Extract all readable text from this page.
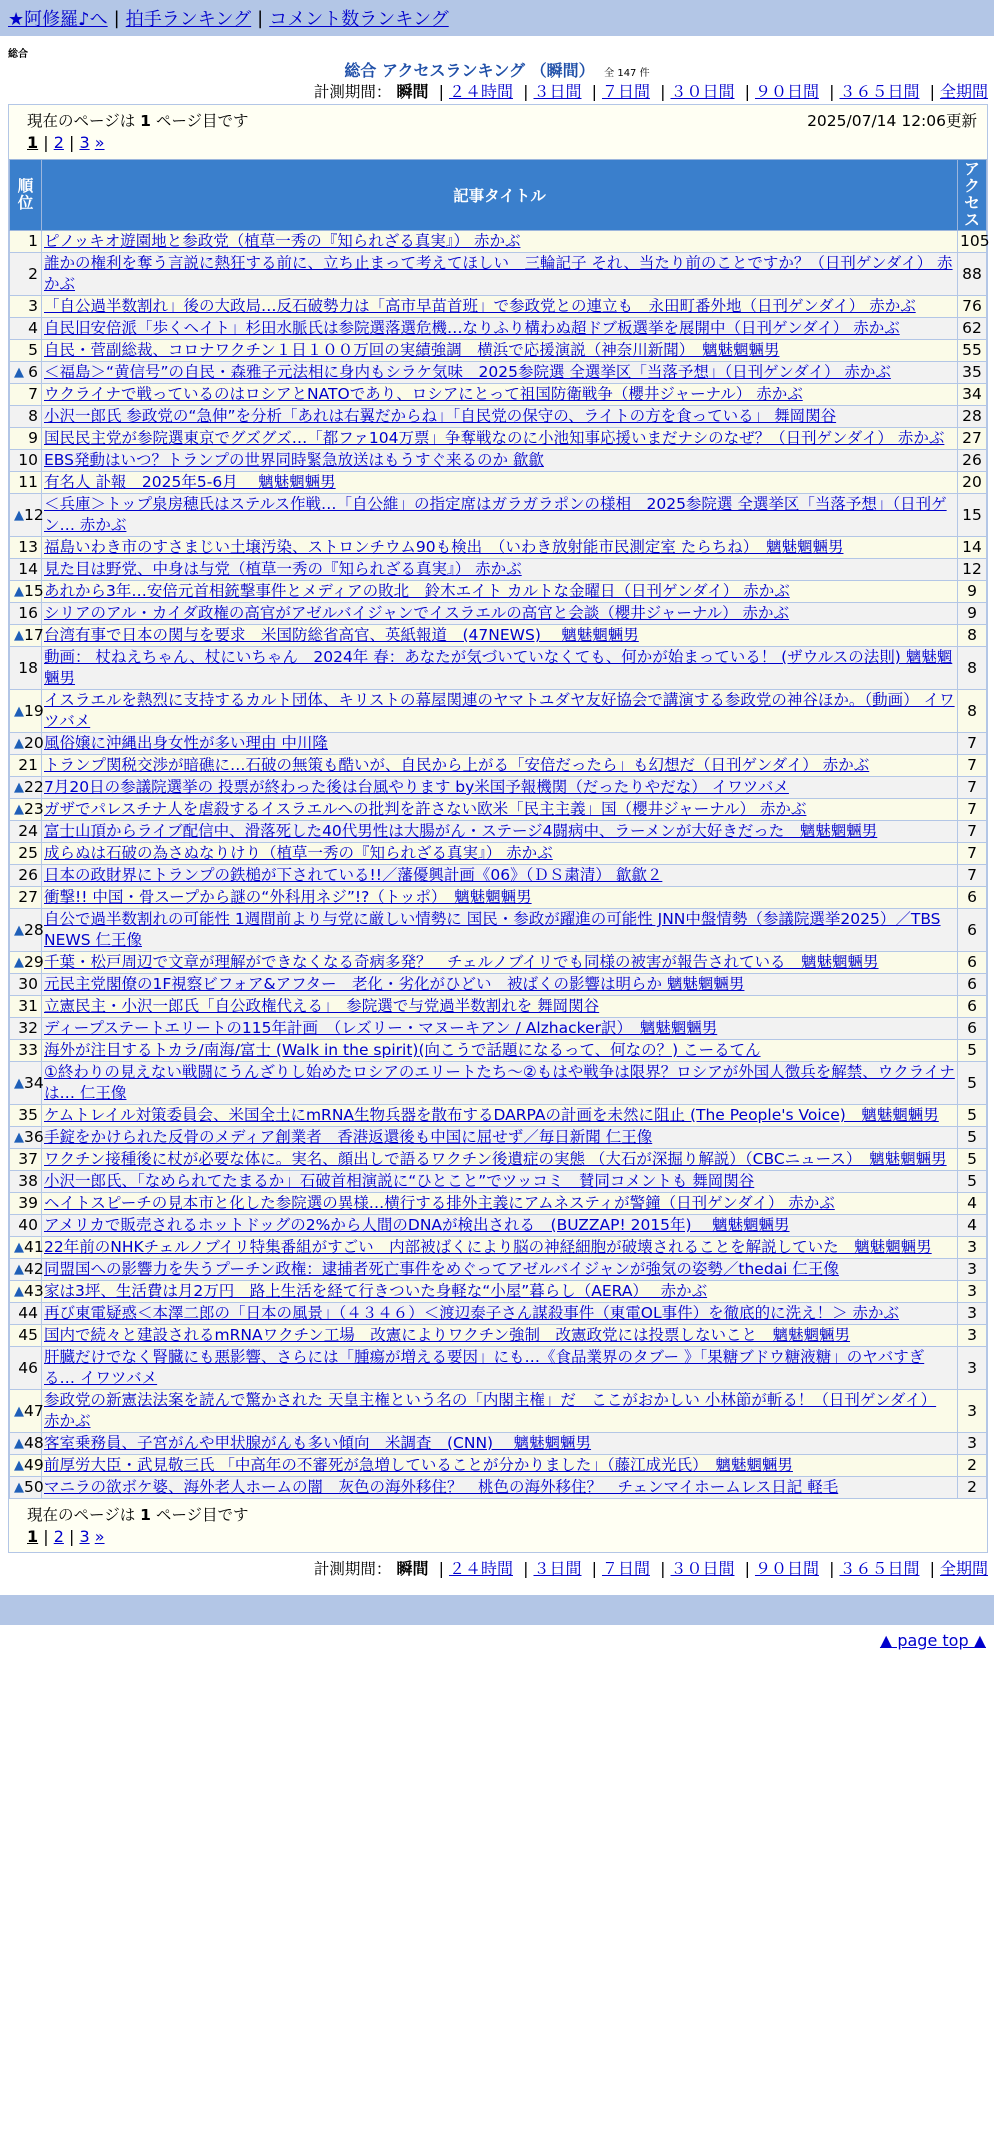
★阿修羅♪へ | 拍手ランキング | コメント数ランキング
総合
総合 アクセスランキング （瞬間） 全 147 件
計測期間： 瞬間 | ２４時間 | ３日間 | ７日間 | ３０日間 | ９０日間 | ３６５日間 | 全期間
現在のページは 1 ページ目です	2025/07/14 12:06更新
1 | 2 | 3 »
順位	記事タイトル	アクセス
1	ピノッキオ遊園地と参政党（植草一秀の『知られざる真実』） 赤かぶ	105
2	誰かの権利を奪う言説に熱狂する前に、立ち止まって考えてほしい　三輪記子 それ、当たり前のことですか？（日刊ゲンダイ） 赤かぶ	88
3	「自公過半数割れ」後の大政局…反石破勢力は「高市早苗首班」で参政党との連立も　永田町番外地（日刊ゲンダイ） 赤かぶ	76
4	自民旧安倍派「歩くヘイト」杉田水脈氏は参院選落選危機…なりふり構わぬ超ドブ板選挙を展開中（日刊ゲンダイ） 赤かぶ	62
5	自民・菅副総裁、コロナワクチン１日１００万回の実績強調　横浜で応援演説（神奈川新聞）　魑魅魍魎男	55

▲ 6	＜福島＞“黄信号”の自民・森雅子元法相に身内もシラケ気味　2025参院選 全選挙区「当落予想」（日刊ゲンダイ） 赤かぶ	35
7	ウクライナで戦っているのはロシアとNATOであり、ロシアにとって祖国防衛戦争（櫻井ジャーナル） 赤かぶ	34
8	小沢一郎氏 参政党の“急伸”を分析「あれは右翼だからね」「自民党の保守の、ライトの方を食っている」 舞岡関谷	28
9	国民民主党が参院選東京でグズグズ…「都ファ104万票」争奪戦なのに小池知事応援いまだナシのなぜ？（日刊ゲンダイ） 赤かぶ	27
10	EBS発動はいつ？トランプの世界同時緊急放送はもうすぐ来るのか 歙歙	26
11	有名人 訃報　2025年5-6月　 魑魅魍魎男	20

▲ 12	＜兵庫＞トップ泉房穂氏はステルス作戦…「自公維」の指定席はガラガラポンの様相　2025参院選 全選挙区「当落予想」（日刊ゲン… 赤かぶ	15
13	福島いわき市のすさまじい土壌汚染、ストロンチウム90も検出　（いわき放射能市民測定室 たらちね）　魑魅魍魎男	14
14	見た目は野党、中身は与党（植草一秀の『知られざる真実』） 赤かぶ	12

▲ 15	あれから3年…安倍元首相銃撃事件とメディアの敗北　鈴木エイト カルトな金曜日（日刊ゲンダイ） 赤かぶ	9
16	シリアのアル・カイダ政権の高官がアゼルバイジャンでイスラエルの高官と会談（櫻井ジャーナル） 赤かぶ	9

▲ 17	台湾有事で日本の関与を要求　米国防総省高官、英紙報道　(47NEWS)　 魑魅魍魎男	8
18	動画： 杖ねえちゃん、杖にいちゃん　2024年 春：あなたが気づいていなくても、何かが始まっている！ (ザウルスの法則) 魑魅魍魎男	8

▲ 19	イスラエルを熱烈に支持するカルト団体、キリストの幕屋関連のヤマトユダヤ友好協会で講演する参政党の神谷ほか。（動画） イワツバメ	8

▲ 20	風俗嬢に沖縄出身女性が多い理由 中川隆	7
21	トランプ関税交渉が暗礁に…石破の無策も酷いが、自民から上がる「安倍だったら」も幻想だ（日刊ゲンダイ） 赤かぶ	7

▲ 22	7月20日の参議院選挙の 投票が終わった後は台風やります by米国予報機関（だったりやだな） イワツバメ	7

▲ 23	ガザでパレスチナ人を虐殺するイスラエルへの批判を許さない欧米「民主主義」国（櫻井ジャーナル） 赤かぶ	7
24	富士山頂からライブ配信中、滑落死した40代男性は大腸がん・ステージ4闘病中、ラーメンが大好きだった　魑魅魍魎男	7
25	成らぬは石破の為さぬなりけり（植草一秀の『知られざる真実』） 赤かぶ	7
26	日本の政財界にトランプの鉄槌が下されている!!／藩優興計画《06》（ＤＳ粛清） 歙歙２	7
27	衝撃!! 中国・骨スープから謎の“外科用ネジ”!?（トッポ）　魑魅魍魎男	6

▲ 28	自公で過半数割れの可能性 1週間前より与党に厳しい情勢に 国民・参政が躍進の可能性 JNN中盤情勢（参議院選挙2025）／TBS NEWS 仁王像	6

▲ 29	千葉・松戸周辺で文章が理解ができなくなる奇病多発？　チェルノブイリでも同様の被害が報告されている　魑魅魍魎男	6
30	元民主党閣僚の1F視察ビフォア&アフター　老化・劣化がひどい　被ばくの影響は明らか 魑魅魍魎男	6
31	立憲民主・小沢一郎氏「自公政権代える」　参院選で与党過半数割れを 舞岡関谷	6
32	ディープステートエリートの115年計画　（レズリー・マヌーキアン / Alzhacker訳）　魑魅魍魎男	6
33	海外が注目するトカラ/南海/富士 (Walk in the spirit)(向こうで話題になるって、何なの？) こーるてん	5

▲ 34	①終わりの見えない戦闘にうんざりし始めたロシアのエリートたち～②もはや戦争は限界？ロシアが外国人徴兵を解禁、ウクライナは… 仁王像	5
35	ケムトレイル対策委員会、米国全土にmRNA生物兵器を散布するDARPAの計画を未然に阻止 (The People's Voice)　魑魅魍魎男	5

▲ 36	手錠をかけられた反骨のメディア創業者　香港返還後も中国に屈せず／毎日新聞 仁王像	5
37	ワクチン接種後に杖が必要な体に。実名、顔出しで語るワクチン後遺症の実態 （大石が深掘り解説）（CBCニュース）　魑魅魍魎男	5
38	小沢一郎氏、「なめられてたまるか」石破首相演説に“ひとこと”でツッコミ　賛同コメントも 舞岡関谷	5
39	ヘイトスピーチの見本市と化した参院選の異様…横行する排外主義にアムネスティが警鐘（日刊ゲンダイ） 赤かぶ	4
40	アメリカで販売されるホットドッグの2%から人間のDNAが検出される　(BUZZAP! 2015年)　 魑魅魍魎男	4

▲ 41	22年前のNHKチェルノブイリ特集番組がすごい　内部被ばくにより脳の神経細胞が破壊されることを解説していた　魑魅魍魎男	3

▲ 42	同盟国への影響力を失うプーチン政権：逮捕者死亡事件をめぐってアゼルバイジャンが強気の姿勢／thedai 仁王像	3

▲ 43	家は3坪、生活費は月2万円　路上生活を経て行きついた身軽な“小屋”暮らし（AERA）　 赤かぶ	3
44	再び東電疑惑＜本澤二郎の「日本の風景」（４３４６）＜渡辺泰子さん謀殺事件（東電OL事件）を徹底的に洗え！＞ 赤かぶ	3
45	国内で続々と建設されるmRNAワクチン工場　改憲によりワクチン強制　改憲政党には投票しないこと　魑魅魍魎男	3
46	肝臓だけでなく腎臓にも悪影響、さらには「腫瘍が増える要因」にも…《食品業界のタブー 》「果糖ブドウ糖液糖」のヤバすぎる… イワツバメ	3

▲ 47	参政党の新憲法法案を読んで驚かされた 天皇主権という名の「内閣主権」だ　ここがおかしい 小林節が斬る！（日刊ゲンダイ） 赤かぶ	3

▲ 48	客室乗務員、子宮がんや甲状腺がんも多い傾向　米調査　(CNN)　 魑魅魍魎男	3

▲ 49	前厚労大臣・武見敬三氏 「中高年の不審死が急増していることが分かりました」（藤江成光氏）　魑魅魍魎男	2

▲ 50	マニラの欲ボケ婆、海外老人ホームの闇　灰色の海外移住？　桃色の海外移住？　チェンマイホームレス日記 軽毛	2
現在のページは 1 ページ目です
1 | 2 | 3 »
計測期間： 瞬間 | ２４時間 | ３日間 | ７日間 | ３０日間 | ９０日間 | ３６５日間 | 全期間
▲ page top ▲
